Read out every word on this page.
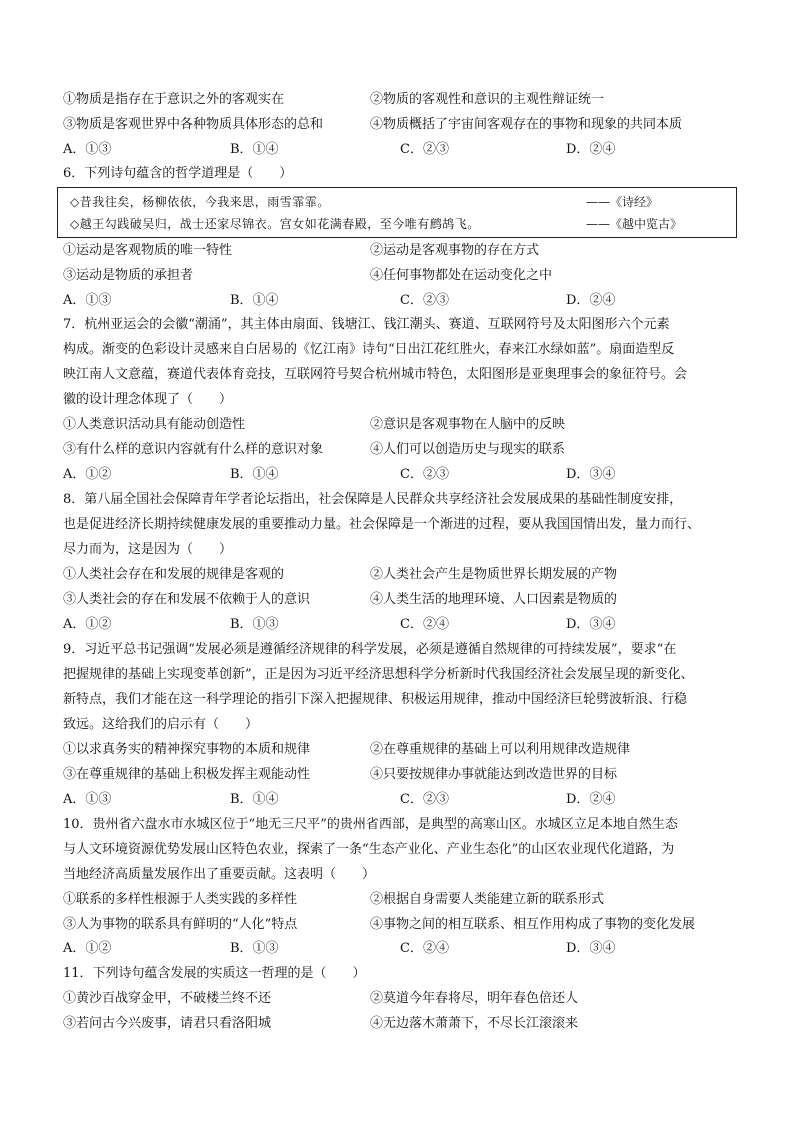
①物质是指存在于意识之外的客观实在	②物质的客观性和意识的主观性辩证统一
③物质是客观世界中各种物质具体形态的总和	④物质概括了宇宙间客观存在的事物和现象的共同本质
A．①③	B．①④	C．②③	D．②④
6．下列诗句蕴含的哲学道理是（　　）
◇昔我往矣，杨柳依依，今我来思，雨雪霏霏。	——《诗经》
◇越王勾践破吴归，战士还家尽锦衣。宫女如花满春殿，至今唯有鹧鸪飞。	——《越中览古》
①运动是客观物质的唯一特性	②运动是客观事物的存在方式
③运动是物质的承担者	④任何事物都处在运动变化之中
A．①③	B．①④	C．②③	D．②④
7．杭州亚运会的会徽“潮涌”，其主体由扇面、钱塘江、钱江潮头、赛道、互联网符号及太阳图形六个元素
构成。渐变的色彩设计灵感来自白居易的《忆江南》诗句“日出江花红胜火，春来江水绿如蓝”。扇面造型反
映江南人文意蕴，赛道代表体育竞技，互联网符号契合杭州城市特色，太阳图形是亚奥理事会的象征符号。会
徽的设计理念体现了（　　）
①人类意识活动具有能动创造性	②意识是客观事物在人脑中的反映
③有什么样的意识内容就有什么样的意识对象	④人们可以创造历史与现实的联系
A．①②	B．①④	C．②③	D．③④
8．第八届全国社会保障青年学者论坛指出，社会保障是人民群众共享经济社会发展成果的基础性制度安排，
也是促进经济长期持续健康发展的重要推动力量。社会保障是一个渐进的过程，要从我国国情出发，量力而行、
尽力而为，这是因为（　　）
①人类社会存在和发展的规律是客观的	②人类社会产生是物质世界长期发展的产物
③人类社会的存在和发展不依赖于人的意识	④人类生活的地理环境、人口因素是物质的
A．①②	B．①③	C．②④	D．③④
9．习近平总书记强调“发展必须是遵循经济规律的科学发展，必须是遵循自然规律的可持续发展”，要求“在
把握规律的基础上实现变革创新”，正是因为习近平经济思想科学分析新时代我国经济社会发展呈现的新变化、
新特点，我们才能在这一科学理论的指引下深入把握规律、积极运用规律，推动中国经济巨轮劈波斩浪、行稳
致远。这给我们的启示有（　　）
①以求真务实的精神探究事物的本质和规律	②在尊重规律的基础上可以利用规律改造规律
③在尊重规律的基础上积极发挥主观能动性	④只要按规律办事就能达到改造世界的目标
A．①③	B．①④	C．②③	D．②④
10．贵州省六盘水市水城区位于“地无三尺平”的贵州省西部，是典型的高寒山区。水城区立足本地自然生态
与人文环境资源优势发展山区特色农业，探索了一条“生态产业化、产业生态化”的山区农业现代化道路，为
当地经济高质量发展作出了重要贡献。这表明（　　）
①联系的多样性根源于人类实践的多样性	②根据自身需要人类能建立新的联系形式
③人为事物的联系具有鲜明的“人化”特点	④事物之间的相互联系、相互作用构成了事物的变化发展
A．①②	B．①③	C．②④	D．③④
11．下列诗句蕴含发展的实质这一哲理的是（　　）
①黄沙百战穿金甲，不破楼兰终不还	②莫道今年春将尽，明年春色倍还人
③若问古今兴废事，请君只看洛阳城	④无边落木萧萧下，不尽长江滚滚来
